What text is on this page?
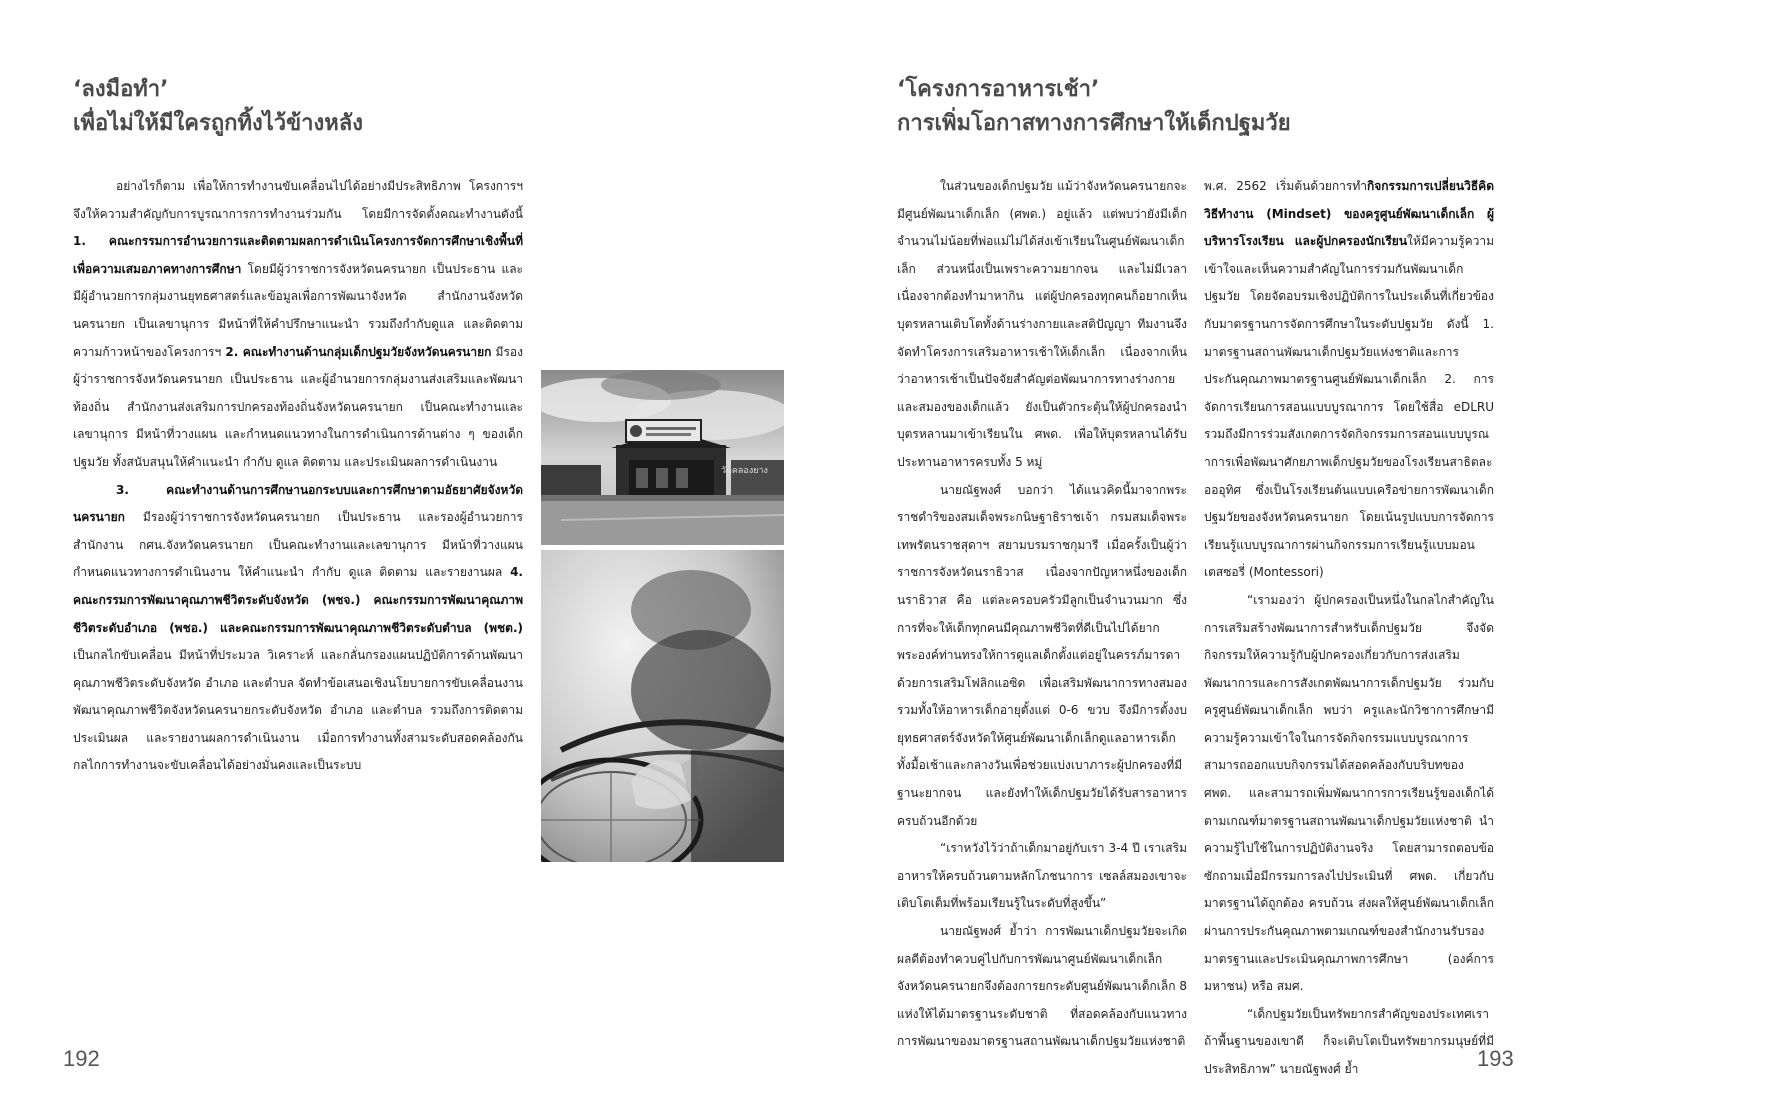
‘ลงมือทำ’
เพื่อไม่ให้มีใครถูกทิ้งไว้ข้างหลัง

อย่างไรก็ตาม เพื่อให้การทำงานขับเคลื่อนไปได้อย่างมีประสิทธิภาพ โครงการฯ จึงให้ความสำคัญกับการบูรณาการการทำงานร่วมกัน โดยมีการจัดตั้งคณะทำงานดังนี้ 1. คณะกรรมการอำนวยการและติดตามผลการดำเนินโครงการจัดการศึกษาเชิงพื้นที่เพื่อความเสมอภาคทางการศึกษา โดยมีผู้ว่าราชการจังหวัดนครนายก เป็นประธาน และมีผู้อำนวยการกลุ่มงานยุทธศาสตร์และข้อมูลเพื่อการพัฒนาจังหวัด สำนักงานจังหวัดนครนายก เป็นเลขานุการ มีหน้าที่ให้คำปรึกษาแนะนำ รวมถึงกำกับดูแล และติดตามความก้าวหน้าของโครงการฯ 2. คณะทำงานด้านกลุ่มเด็กปฐมวัยจังหวัดนครนายก มีรองผู้ว่าราชการจังหวัดนครนายก เป็นประธาน และผู้อำนวยการกลุ่มงานส่งเสริมและพัฒนาท้องถิ่น สำนักงานส่งเสริมการปกครองท้องถิ่นจังหวัดนครนายก เป็นคณะทำงานและเลขานุการ มีหน้าที่วางแผน และกำหนดแนวทางในการดำเนินการด้านต่าง ๆ ของเด็กปฐมวัย ทั้งสนับสนุนให้คำแนะนำ กำกับ ดูแล ติดตาม และประเมินผลการดำเนินงาน

3. คณะทำงานด้านการศึกษานอกระบบและการศึกษาตามอัธยาศัยจังหวัดนครนายก มีรองผู้ว่าราชการจังหวัดนครนายก เป็นประธาน และรองผู้อำนวยการสำนักงาน กศน.จังหวัดนครนายก เป็นคณะทำงานและเลขานุการ มีหน้าที่วางแผน กำหนดแนวทางการดำเนินงาน ให้คำแนะนำ กำกับ ดูแล ติดตาม และรายงานผล 4. คณะกรรมการพัฒนาคุณภาพชีวิตระดับจังหวัด (พชจ.) คณะกรรมการพัฒนาคุณภาพชีวิตระดับอำเภอ (พชอ.) และคณะกรรมการพัฒนาคุณภาพชีวิตระดับตำบล (พชต.) เป็นกลไกขับเคลื่อน มีหน้าที่ประมวล วิเคราะห์ และกลั่นกรองแผนปฏิบัติการด้านพัฒนาคุณภาพชีวิตระดับจังหวัด อำเภอ และตำบล จัดทำข้อเสนอเชิงนโยบายการขับเคลื่อนงานพัฒนาคุณภาพชีวิตจังหวัดนครนายกระดับจังหวัด อำเภอ และตำบล รวมถึงการติดตามประเมินผล และรายงานผลการดำเนินงาน เมื่อการทำงานทั้งสามระดับสอดคล้องกัน กลไกการทำงานจะขับเคลื่อนได้อย่างมั่นคงและเป็นระบบ

192
วัดคลองยาง
‘โครงการอาหารเช้า’
การเพิ่มโอกาสทางการศึกษาให้เด็กปฐมวัย

ในส่วนของเด็กปฐมวัย แม้ว่าจังหวัดนครนายกจะมีศูนย์พัฒนาเด็กเล็ก (ศพด.) อยู่แล้ว แต่พบว่ายังมีเด็กจำนวนไม่น้อยที่พ่อแม่ไม่ได้ส่งเข้าเรียนในศูนย์พัฒนาเด็กเล็ก ส่วนหนึ่งเป็นเพราะความยากจน และไม่มีเวลาเนื่องจากต้องทำมาหากิน แต่ผู้ปกครองทุกคนก็อยากเห็นบุตรหลานเติบโตทั้งด้านร่างกายและสติปัญญา ทีมงานจึงจัดทำโครงการเสริมอาหารเช้าให้เด็กเล็ก เนื่องจากเห็นว่าอาหารเช้าเป็นปัจจัยสำคัญต่อพัฒนาการทางร่างกายและสมองของเด็กแล้ว ยังเป็นตัวกระตุ้นให้ผู้ปกครองนำบุตรหลานมาเข้าเรียนใน ศพด. เพื่อให้บุตรหลานได้รับประทานอาหารครบทั้ง 5 หมู่

นายณัฐพงศ์ บอกว่า ได้แนวคิดนี้มาจากพระราชดำริของสมเด็จพระกนิษฐาธิราชเจ้า กรมสมเด็จพระเทพรัตนราชสุดาฯ สยามบรมราชกุมารี เมื่อครั้งเป็นผู้ว่าราชการจังหวัดนราธิวาส เนื่องจากปัญหาหนึ่งของเด็กนราธิวาส คือ แต่ละครอบครัวมีลูกเป็นจำนวนมาก ซึ่งการที่จะให้เด็กทุกคนมีคุณภาพชีวิตที่ดีเป็นไปได้ยาก พระองค์ท่านทรงให้การดูแลเด็กตั้งแต่อยู่ในครรภ์มารดาด้วยการเสริมโฟลิกแอซิด เพื่อเสริมพัฒนาการทางสมอง รวมทั้งให้อาหารเด็กอายุตั้งแต่ 0-6 ขวบ จึงมีการตั้งงบยุทธศาสตร์จังหวัดให้ศูนย์พัฒนาเด็กเล็กดูแลอาหารเด็กทั้งมื้อเช้าและกลางวันเพื่อช่วยแบ่งเบาภาระผู้ปกครองที่มีฐานะยากจน และยังทำให้เด็กปฐมวัยได้รับสารอาหารครบถ้วนอีกด้วย

“เราหวังไว้ว่าถ้าเด็กมาอยู่กับเรา 3-4 ปี เราเสริมอาหารให้ครบถ้วนตามหลักโภชนาการ เซลล์สมองเขาจะเติบโตเต็มที่พร้อมเรียนรู้ในระดับที่สูงขึ้น”

นายณัฐพงศ์ ย้ำว่า การพัฒนาเด็กปฐมวัยจะเกิดผลดีต้องทำควบคู่ไปกับการพัฒนาศูนย์พัฒนาเด็กเล็ก จังหวัดนครนายกจึงต้องการยกระดับศูนย์พัฒนาเด็กเล็ก 8 แห่งให้ได้มาตรฐานระดับชาติ ที่สอดคล้องกับแนวทางการพัฒนาของมาตรฐานสถานพัฒนาเด็กปฐมวัยแห่งชาติ

พ.ศ. 2562 เริ่มต้นด้วยการทำกิจกรรมการเปลี่ยนวิธีคิดวิธีทำงาน (Mindset) ของครูศูนย์พัฒนาเด็กเล็ก ผู้บริหารโรงเรียน และผู้ปกครองนักเรียนให้มีความรู้ความเข้าใจและเห็นความสำคัญในการร่วมกันพัฒนาเด็กปฐมวัย โดยจัดอบรมเชิงปฏิบัติการในประเด็นที่เกี่ยวข้องกับมาตรฐานการจัดการศึกษาในระดับปฐมวัย ดังนี้ 1. มาตรฐานสถานพัฒนาเด็กปฐมวัยแห่งชาติและการประกันคุณภาพมาตรฐานศูนย์พัฒนาเด็กเล็ก 2. การจัดการเรียนการสอนแบบบูรณาการ โดยใช้สื่อ eDLRU รวมถึงมีการร่วมสังเกตการจัดกิจกรรมการสอนแบบบูรณาการเพื่อพัฒนาศักยภาพเด็กปฐมวัยของโรงเรียนสาธิตละอออุทิศ ซึ่งเป็นโรงเรียนต้นแบบเครือข่ายการพัฒนาเด็กปฐมวัยของจังหวัดนครนายก โดยเน้นรูปแบบการจัดการเรียนรู้แบบบูรณาการผ่านกิจกรรมการเรียนรู้แบบมอนเตสซอรี่ (Montessori)

“เรามองว่า ผู้ปกครองเป็นหนึ่งในกลไกสำคัญในการเสริมสร้างพัฒนาการสำหรับเด็กปฐมวัย จึงจัดกิจกรรมให้ความรู้กับผู้ปกครองเกี่ยวกับการส่งเสริมพัฒนาการและการสังเกตพัฒนาการเด็กปฐมวัย ร่วมกับครูศูนย์พัฒนาเด็กเล็ก พบว่า ครูและนักวิชาการศึกษามีความรู้ความเข้าใจในการจัดกิจกรรมแบบบูรณาการ สามารถออกแบบกิจกรรมได้สอดคล้องกับบริบทของ ศพด. และสามารถเพิ่มพัฒนาการการเรียนรู้ของเด็กได้ตามเกณฑ์มาตรฐานสถานพัฒนาเด็กปฐมวัยแห่งชาติ นำความรู้ไปใช้ในการปฏิบัติงานจริง โดยสามารถตอบข้อซักถามเมื่อมีกรรมการลงไปประเมินที่ ศพด. เกี่ยวกับมาตรฐานได้ถูกต้อง ครบถ้วน ส่งผลให้ศูนย์พัฒนาเด็กเล็กผ่านการประกันคุณภาพตามเกณฑ์ของสำนักงานรับรองมาตรฐานและประเมินคุณภาพการศึกษา (องค์การมหาชน) หรือ สมศ.

“เด็กปฐมวัยเป็นทรัพยากรสำคัญของประเทศเรา ถ้าพื้นฐานของเขาดี ก็จะเติบโตเป็นทรัพยากรมนุษย์ที่มีประสิทธิภาพ” นายณัฐพงศ์ ย้ำ	193
